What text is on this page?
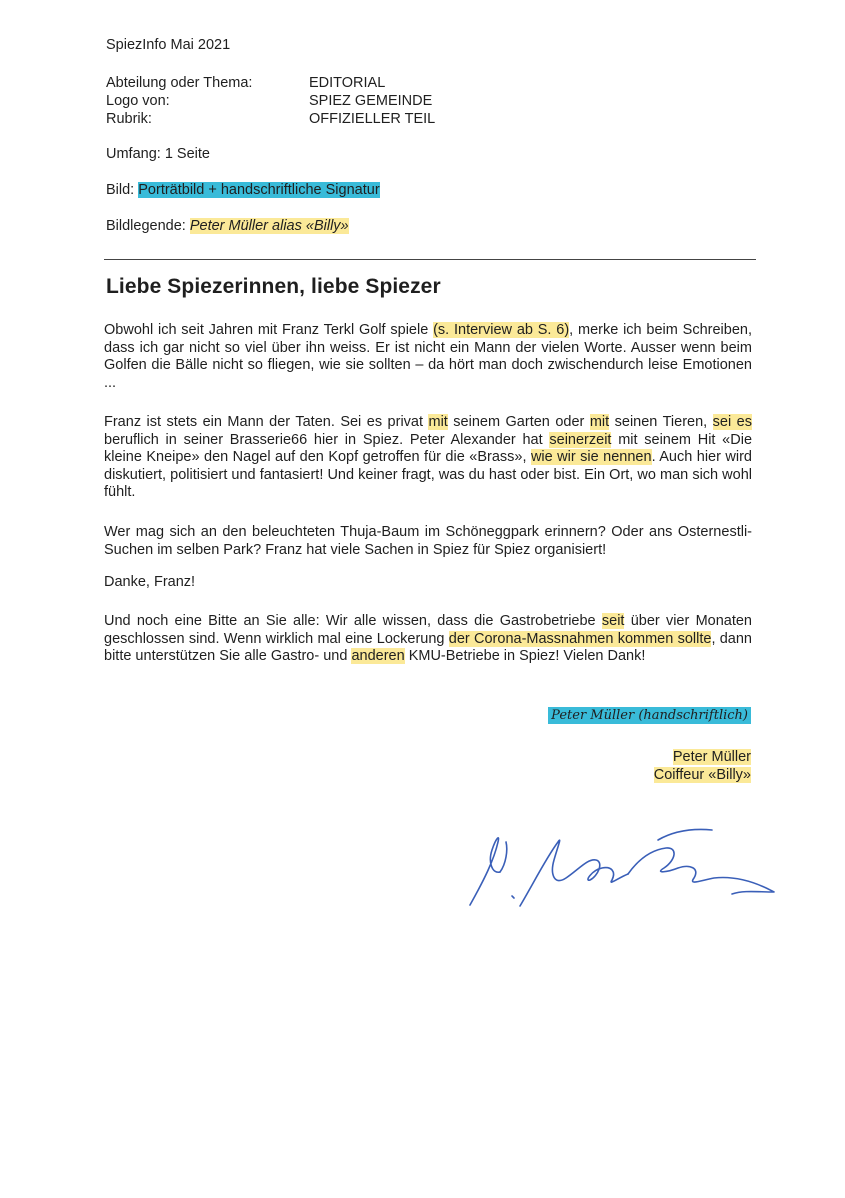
SpiezInfo Mai 2021
Abteilung oder Thema:	EDITORIAL
Logo von:	SPIEZ GEMEINDE
Rubrik:	OFFIZIELLER TEIL
Umfang: 1 Seite
Bild: Porträtbild + handschriftliche Signatur
Bildlegende: Peter Müller alias «Billy»
Liebe Spiezerinnen, liebe Spiezer

Obwohl ich seit Jahren mit Franz Terkl Golf spiele (s. Interview ab S. 6), merke ich beim Schreiben, dass ich gar nicht so viel über ihn weiss. Er ist nicht ein Mann der vielen Worte. Ausser wenn beim Golfen die Bälle nicht so fliegen, wie sie sollten – da hört man doch zwischendurch leise Emotionen ...

Franz ist stets ein Mann der Taten. Sei es privat mit seinem Garten oder mit seinen Tieren, sei es beruflich in seiner Brasserie66 hier in Spiez. Peter Alexander hat seinerzeit mit seinem Hit «Die kleine Kneipe» den Nagel auf den Kopf getroffen für die «Brass», wie wir sie nennen. Auch hier wird diskutiert, politisiert und fantasiert! Und keiner fragt, was du hast oder bist. Ein Ort, wo man sich wohl fühlt.

Wer mag sich an den beleuchteten Thuja-Baum im Schöneggpark erinnern? Oder ans Osternestli-Suchen im selben Park? Franz hat viele Sachen in Spiez für Spiez organisiert!

Danke, Franz!

Und noch eine Bitte an Sie alle: Wir alle wissen, dass die Gastrobetriebe seit über vier Monaten geschlossen sind. Wenn wirklich mal eine Lockerung der Corona-Massnahmen kommen sollte, dann bitte unterstützen Sie alle Gastro- und anderen KMU-Betriebe in Spiez! Vielen Dank!

Peter Müller (handschriftlich)
Peter Müller
Coiffeur «Billy»
